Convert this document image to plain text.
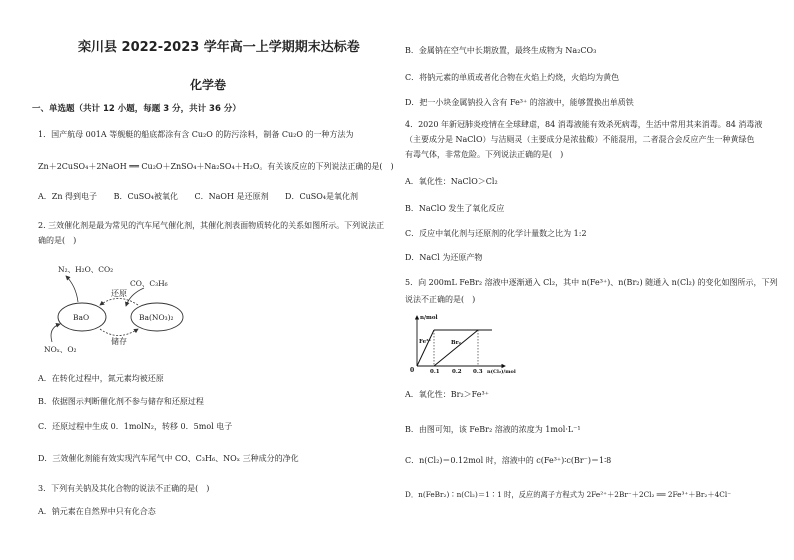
栾川县 2022-2023 学年高一上学期期末达标卷
化学卷
一、单选题（共计 12 小题，每题 3 分，共计 36 分）
1．国产航母 001A 等舰艇的船底都涂有含 Cu₂O 的防污涂料，制备 Cu₂O 的一种方法为
Zn＋2CuSO₄＋2NaOH ══ Cu₂O＋ZnSO₄＋Na₂SO₄＋H₂O。有关该反应的下列说法正确的是(　)
A．Zn 得到电子 B．CuSO₄被氧化 C．NaOH 是还原剂 D．CuSO₄是氧化剂
2. 三效催化剂是最为常见的汽车尾气催化剂，其催化剂表面物质转化的关系如图所示。下列说法正
确的是(　)
N₂、H₂O、CO₂
CO、C₃H₆
BaO	Ba(NO₃)₂
还原
储存
NOₓ、O₂
A．在转化过程中，氮元素均被还原
B．依据图示判断催化剂不参与储存和还原过程
C．还原过程中生成 0．1molN₂，转移 0．5mol 电子
D．三效催化剂能有效实现汽车尾气中 CO、C₃H₆、NOₓ 三种成分的净化
3．下列有关钠及其化合物的说法不正确的是(　)
A．钠元素在自然界中只有化合态
B．金属钠在空气中长期放置，最终生成物为 Na₂CO₃
C．将钠元素的单质或者化合物在火焰上灼烧，火焰均为黄色
D．把一小块金属钠投入含有 Fe³⁺ 的溶液中，能够置换出单质铁
4．2020 年新冠肺炎疫情在全球肆虐，84 消毒液能有效杀死病毒，生活中常用其来消毒。84 消毒液
（主要成分是 NaClO）与洁厕灵（主要成分是浓盐酸）不能混用，二者混合会反应产生一种黄绿色
有毒气体，非常危险。下列说法正确的是(　)
A．氧化性：NaClO＞Cl₂
B．NaClO 发生了氧化反应
C．反应中氧化剂与还原剂的化学计量数之比为 1:2
D．NaCl 为还原产物
5．向 200mL FeBr₂ 溶液中逐渐通入 Cl₂，其中 n(Fe³⁺)、n(Br₂) 随通入 n(Cl₂) 的变化如图所示，下列
说法不正确的是(　)
n/mol
0	0.1 0.2 0.3 n(Cl₂)/mol
Fe³⁺	Br₂
A．氧化性：Br₂＞Fe³⁺
B．由图可知，该 FeBr₂ 溶液的浓度为 1mol·L⁻¹
C．n(Cl₂)＝0.12mol 时，溶液中的 c(Fe³⁺)∶c(Br⁻)＝1∶8
D．n(FeBr₂)∶n(Cl₂)＝1∶1 时，反应的离子方程式为 2Fe²⁺＋2Br⁻＋2Cl₂ ══ 2Fe³⁺＋Br₂＋4Cl⁻
